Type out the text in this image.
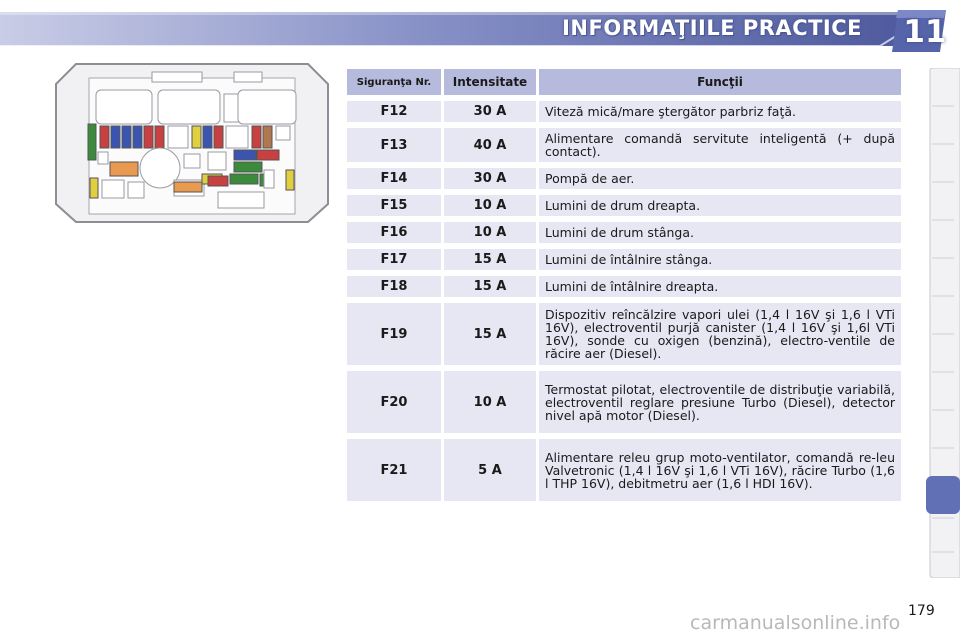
INFORMAŢIILE PRACTICE 11
Siguranţa Nr.	Intensitate	Funcţii
F12	30 A	Viteză mică/mare ştergător parbriz faţă.
F13	40 A	Alimentare comandă servitute inteligentă (+ după contact).
F14	30 A	Pompă de aer.
F15	10 A	Lumini de drum dreapta.
F16	10 A	Lumini de drum stânga.
F17	15 A	Lumini de întâlnire stânga.
F18	15 A	Lumini de întâlnire dreapta.
F19	15 A	Dispozitiv reîncălzire vapori ulei (1,4 l 16V şi 1,6 l VTi 16V), electroventil purjă canister (1,4 l 16V şi 1,6l VTi 16V), sonde cu oxigen (benzină), electro-ventile de răcire aer (Diesel).
F20	10 A	Termostat pilotat, electroventile de distribuţie variabilă, electroventil reglare presiune Turbo (Diesel), detector nivel apă motor (Diesel).
F21	5 A	Alimentare releu grup moto-ventilator, comandă re-leu Valvetronic (1,4 l 16V şi 1,6 l VTi 16V), răcire Turbo (1,6 l THP 16V), debitmetru aer (1,6 l HDI 16V).
179
carmanualsonline.info
